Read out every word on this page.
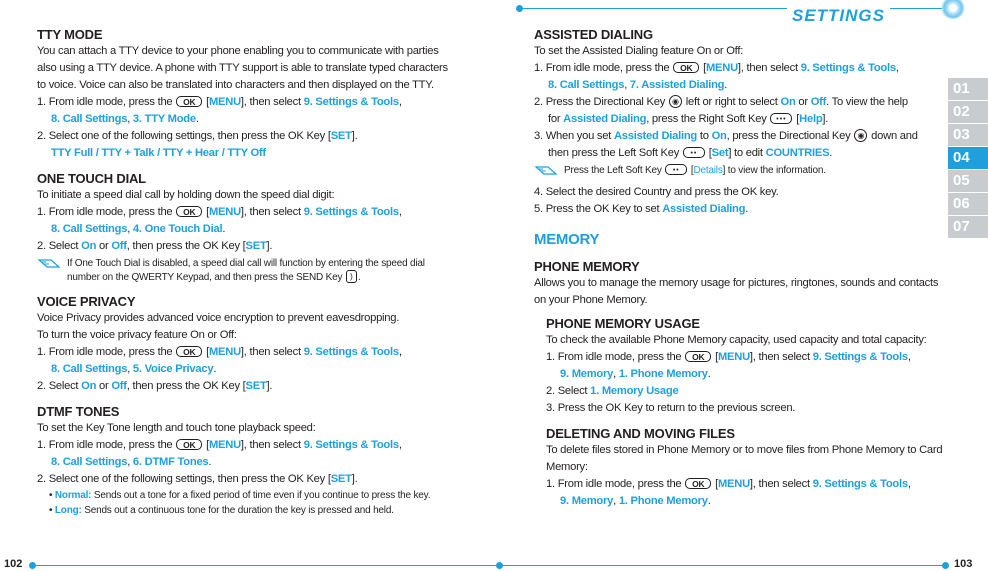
SETTINGS
01
02
03
04
05
06
07
TTY MODE
You can attach a TTY device to your phone enabling you to communicate with parties
also using a TTY device. A phone with TTY support is able to translate typed characters
to voice. Voice can also be translated into characters and then displayed on the TTY.
1. From idle mode, press the OK [MENU], then select 9. Settings & Tools,
8. Call Settings, 3. TTY Mode.
2. Select one of the following settings, then press the OK Key [SET].
TTY Full / TTY + Talk / TTY + Hear / TTY Off
ONE TOUCH DIAL
To initiate a speed dial call by holding down the speed dial digit:
1. From idle mode, press the OK [MENU], then select 9. Settings & Tools,
8. Call Settings, 4. One Touch Dial.
2. Select On or Off, then press the OK Key [SET].
If One Touch Dial is disabled, a speed dial call will function by entering the speed dial
number on the QWERTY Keypad, and then press the SEND Key ) .
VOICE PRIVACY
Voice Privacy provides advanced voice encryption to prevent eavesdropping.
To turn the voice privacy feature On or Off:
1. From idle mode, press the OK [MENU], then select 9. Settings & Tools,
8. Call Settings, 5. Voice Privacy.
2. Select On or Off, then press the OK Key [SET].
DTMF TONES
To set the Key Tone length and touch tone playback speed:
1. From idle mode, press the OK [MENU], then select 9. Settings & Tools,
8. Call Settings, 6. DTMF Tones.
2. Select one of the following settings, then press the OK Key [SET].
• Normal: Sends out a tone for a fixed period of time even if you continue to press the key.
• Long: Sends out a continuous tone for the duration the key is pressed and held.
ASSISTED DIALING
To set the Assisted Dialing feature On or Off:
1. From idle mode, press the OK [MENU], then select 9. Settings & Tools,
8. Call Settings, 7. Assisted Dialing.
2. Press the Directional Key ◉ left or right to select On or Off. To view the help
for Assisted Dialing, press the Right Soft Key ••• [Help].
3. When you set Assisted Dialing to On, press the Directional Key ◉ down and
then press the Left Soft Key •• [Set] to edit COUNTRIES.
Press the Left Soft Key •• [Details] to view the information.
4. Select the desired Country and press the OK key.
5. Press the OK Key to set Assisted Dialing.
MEMORY
PHONE MEMORY
Allows you to manage the memory usage for pictures, ringtones, sounds and contacts
on your Phone Memory.
PHONE MEMORY USAGE
To check the available Phone Memory capacity, used capacity and total capacity:
1. From idle mode, press the OK [MENU], then select 9. Settings & Tools,
9. Memory, 1. Phone Memory.
2. Select 1. Memory Usage
3. Press the OK Key to return to the previous screen.
DELETING AND MOVING FILES
To delete files stored in Phone Memory or to move files from Phone Memory to Card
Memory:
1. From idle mode, press the OK [MENU], then select 9. Settings & Tools,
9. Memory, 1. Phone Memory.
102	103
